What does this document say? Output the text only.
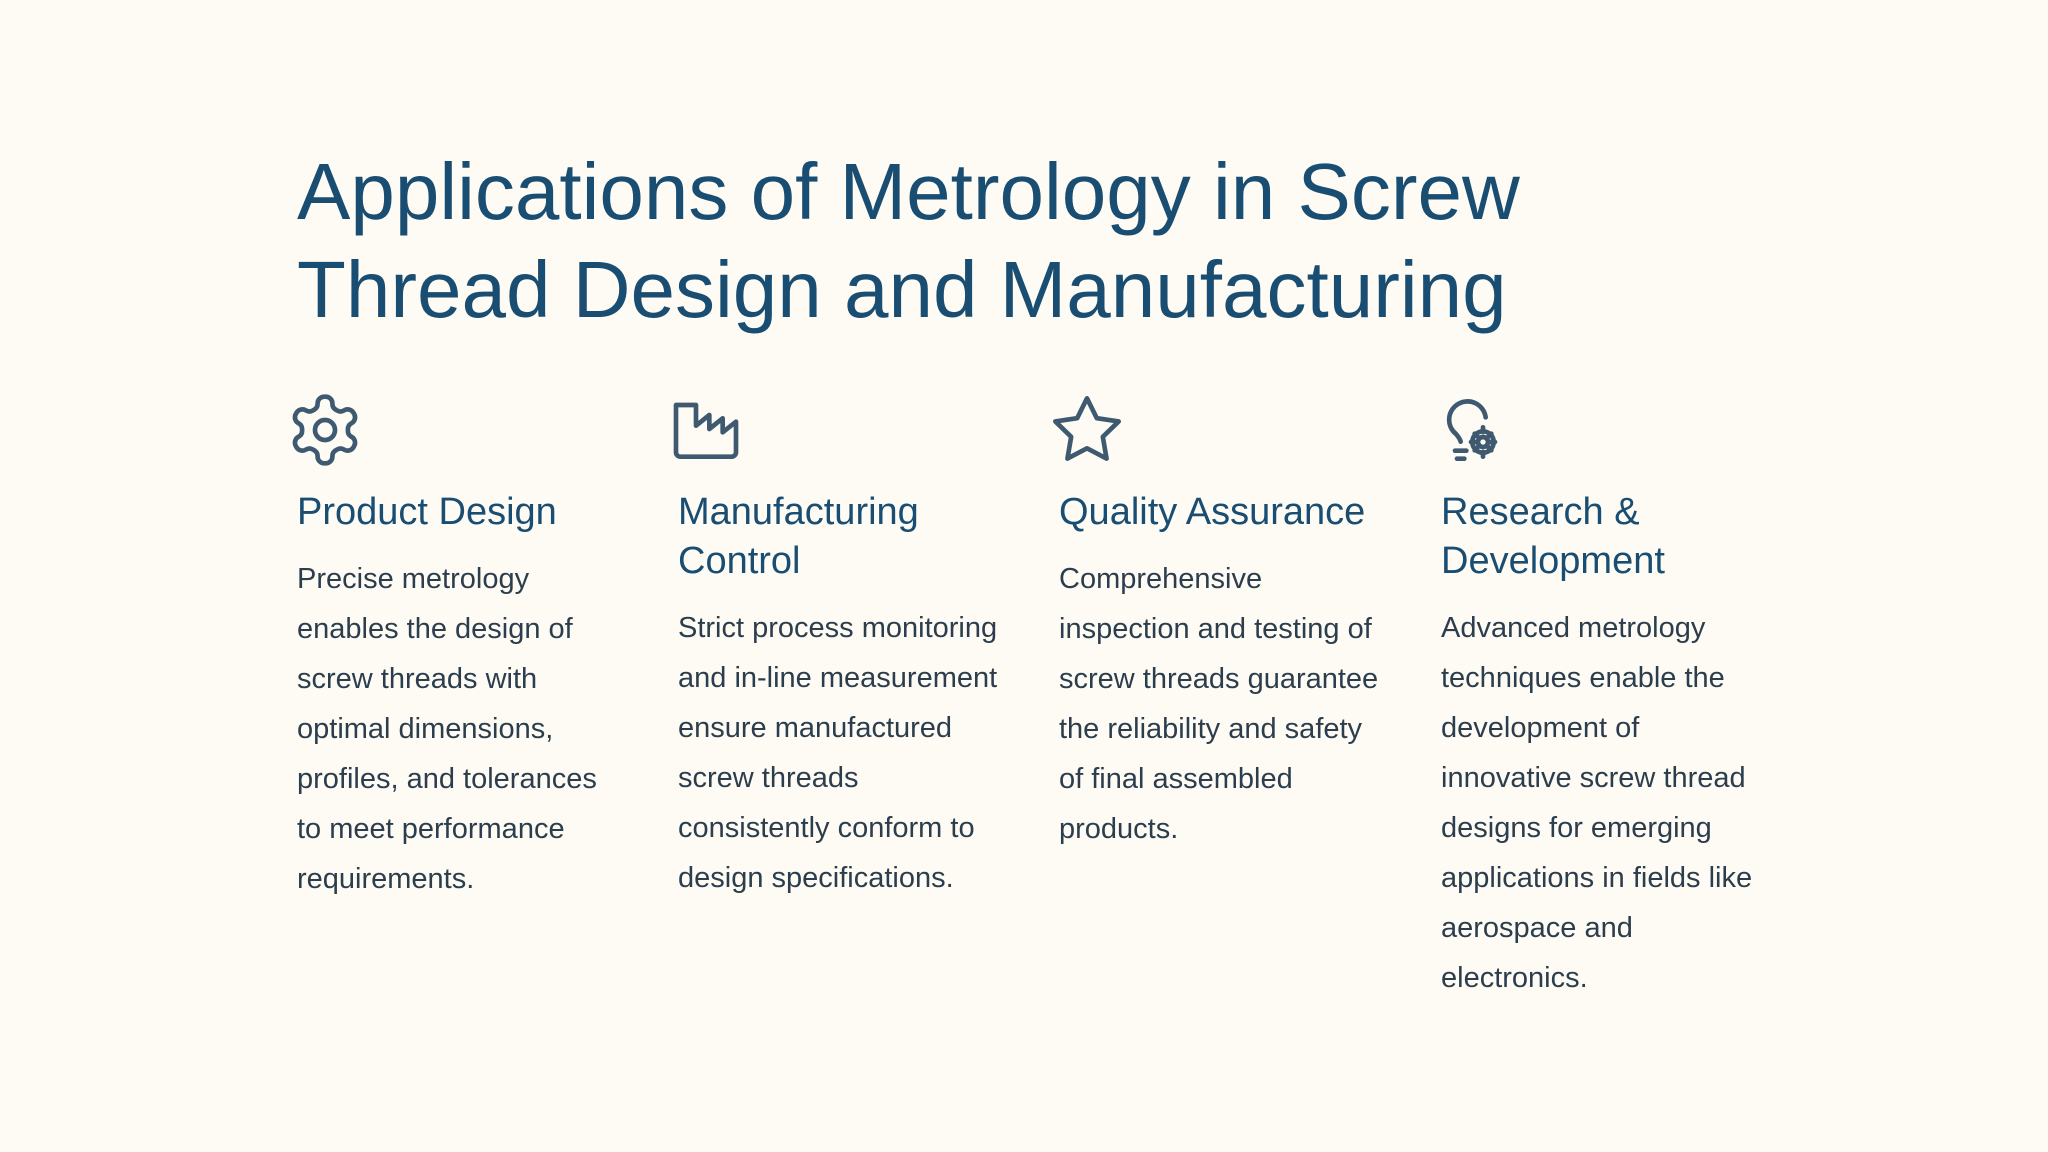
Applications of Metrology in Screw Thread Design and Manufacturing
Product Design

Precise metrology enables the design of screw threads with optimal dimensions, profiles, and tolerances to meet performance requirements.

Manufacturing Control

Strict process monitoring and in-line measurement ensure manufactured screw threads consistently conform to design specifications.

Quality Assurance

Comprehensive inspection and testing of screw threads guarantee the reliability and safety of final assembled products.

Research & Development

Advanced metrology techniques enable the development of innovative screw thread designs for emerging applications in fields like aerospace and electronics.
